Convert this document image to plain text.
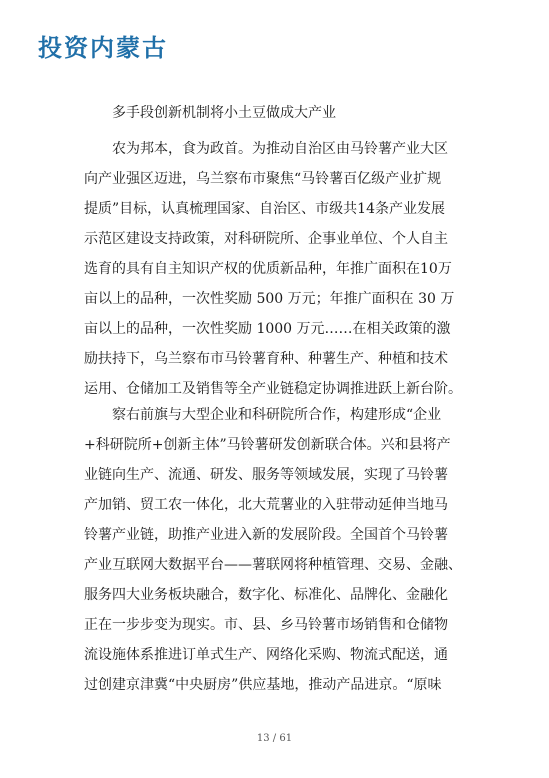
投资内蒙古
多手段创新机制将小土豆做成大产业
农为邦本，食为政首。为推动自治区由马铃薯产业大区
向产业强区迈进，乌兰察布市聚焦“马铃薯百亿级产业扩规
提质”目标，认真梳理国家、自治区、市级共14条产业发展
示范区建设支持政策，对科研院所、企事业单位、个人自主
选育的具有自主知识产权的优质新品种，年推广面积在10万
亩以上的品种，一次性奖励 500 万元；年推广面积在 30 万
亩以上的品种，一次性奖励 1000 万元……在相关政策的激
励扶持下，乌兰察布市马铃薯育种、种薯生产、种植和技术
运用、仓储加工及销售等全产业链稳定协调推进跃上新台阶。
察右前旗与大型企业和科研院所合作，构建形成“企业
+科研院所+创新主体”马铃薯研发创新联合体。兴和县将产
业链向生产、流通、研发、服务等领域发展，实现了马铃薯
产加销、贸工农一体化，北大荒薯业的入驻带动延伸当地马
铃薯产业链，助推产业进入新的发展阶段。全国首个马铃薯
产业互联网大数据平台——薯联网将种植管理、交易、金融、
服务四大业务板块融合，数字化、标准化、品牌化、金融化
正在一步步变为现实。市、县、乡马铃薯市场销售和仓储物
流设施体系推进订单式生产、网络化采购、物流式配送，通
过创建京津冀“中央厨房”供应基地，推动产品进京。“原味
13 / 61
